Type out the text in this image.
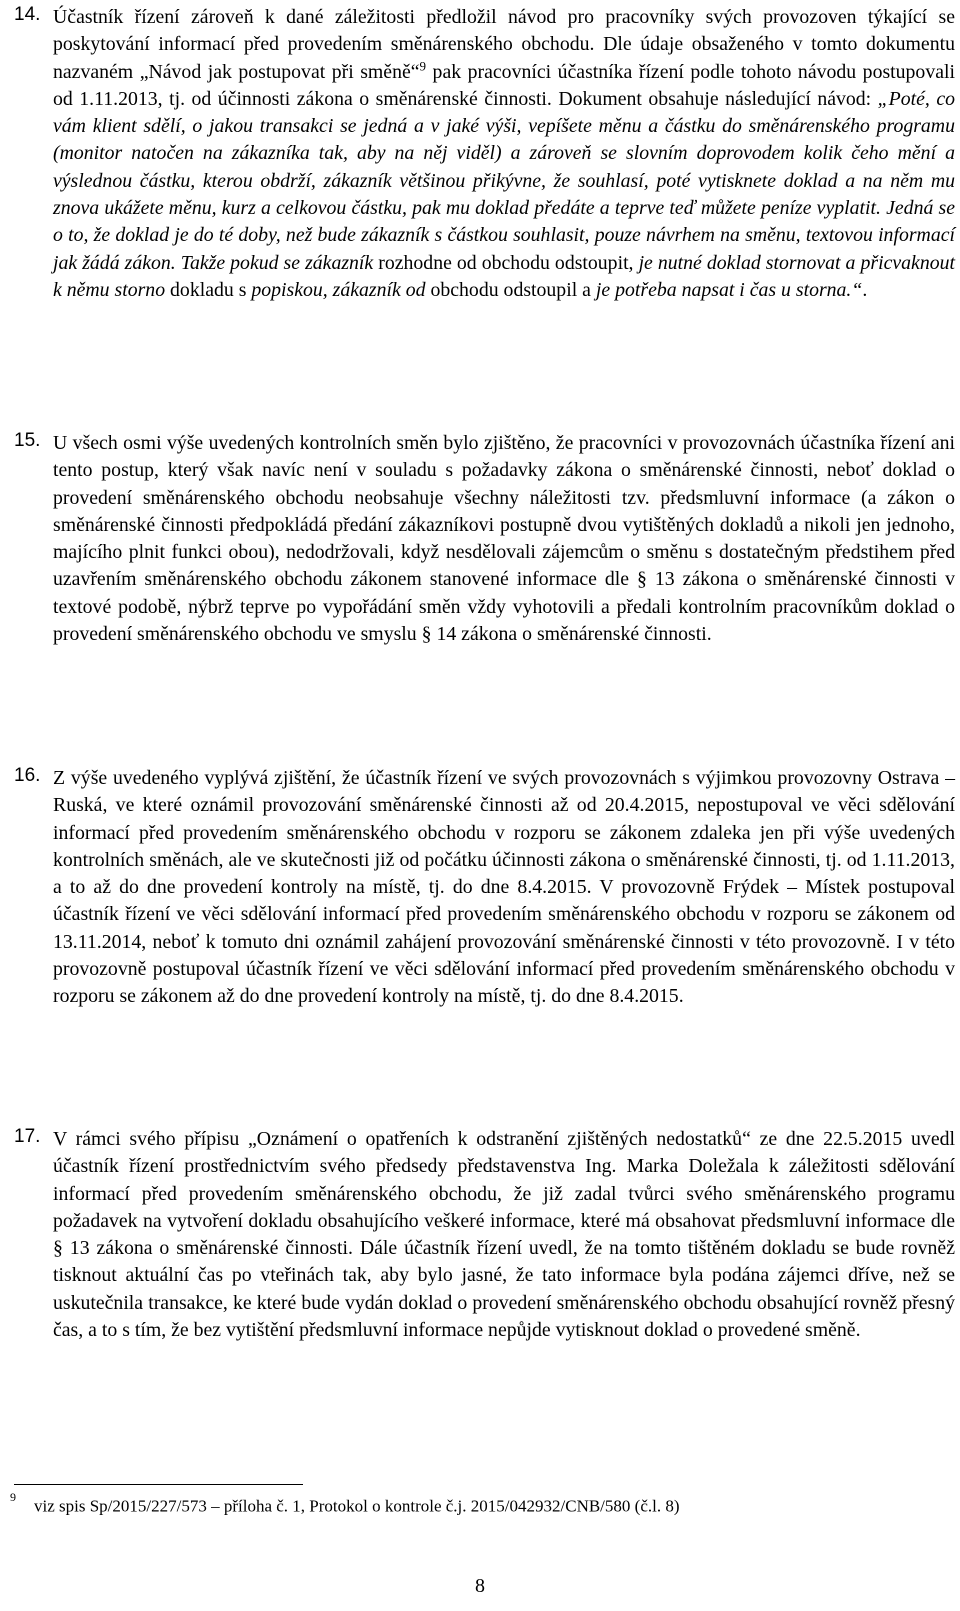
14. Účastník řízení zároveň k dané záležitosti předložil návod pro pracovníky svých provozoven týkající se poskytování informací před provedením směnárenského obchodu. Dle údaje obsaženého v tomto dokumentu nazvaném „Návod jak postupovat při směně“$^9$ pak pracovníci účastníka řízení podle tohoto návodu postupovali od 1.11.2013, tj. od účinnosti zákona o směnárenské činnosti. Dokument obsahuje následující návod: „Poté, co vám klient sdělí, o jakou transakci se jedná a v jaké výši, vepíšete měnu a částku do směnárenského programu (monitor natočen na zákazníka tak, aby na něj viděl) a zároveň se slovním doprovodem kolik čeho mění a výslednou částku, kterou obdrží, zákazník většinou přikývne, že souhlasí, poté vytisknete doklad a na něm mu znova ukážete měnu, kurz a celkovou částku, pak mu doklad předáte a teprve teď můžete peníze vyplatit. Jedná se o to, že doklad je do té doby, než bude zákazník s částkou souhlasit, pouze návrhem na směnu, textovou informací jak žádá zákon. Takže pokud se zákazník rozhodne od obchodu odstoupit, je nutné doklad stornovat a přicvaknout k němu storno dokladu s popiskou, zákazník od obchodu odstoupil a je potřeba napsat i čas u storna.“.
15. U všech osmi výše uvedených kontrolních směn bylo zjištěno, že pracovníci v provozovnách účastníka řízení ani tento postup, který však navíc není v souladu s požadavky zákona o směnárenské činnosti, neboť doklad o provedení směnárenského obchodu neobsahuje všechny náležitosti tzv. předsmluvní informace (a zákon o směnárenské činnosti předpokládá předání zákazníkovi postupně dvou vytištěných dokladů a nikoli jen jednoho, majícího plnit funkci obou), nedodržovali, když nesdělovali zájemcům o směnu s dostatečným předstihem před uzavřením směnárenského obchodu zákonem stanovené informace dle § 13 zákona o směnárenské činnosti v textové podobě, nýbrž teprve po vypořádání směn vždy vyhotovili a předali kontrolním pracovníkům doklad o provedení směnárenského obchodu ve smyslu § 14 zákona o směnárenské činnosti.
16. Z výše uvedeného vyplývá zjištění, že účastník řízení ve svých provozovnách s výjimkou provozovny Ostrava – Ruská, ve které oznámil provozování směnárenské činnosti až od 20.4.2015, nepostupoval ve věci sdělování informací před provedením směnárenského obchodu v rozporu se zákonem zdaleka jen při výše uvedených kontrolních směnách, ale ve skutečnosti již od počátku účinnosti zákona o směnárenské činnosti, tj. od 1.11.2013, a to až do dne provedení kontroly na místě, tj. do dne 8.4.2015. V provozovně Frýdek – Místek postupoval účastník řízení ve věci sdělování informací před provedením směnárenského obchodu v rozporu se zákonem od 13.11.2014, neboť k tomuto dni oznámil zahájení provozování směnárenské činnosti v této provozovně. I v této provozovně postupoval účastník řízení ve věci sdělování informací před provedením směnárenského obchodu v rozporu se zákonem až do dne provedení kontroly na místě, tj. do dne 8.4.2015.
17. V rámci svého přípisu „Oznámení o opatřeních k odstranění zjištěných nedostatků“ ze dne 22.5.2015 uvedl účastník řízení prostřednictvím svého předsedy představenstva Ing. Marka Doležala k záležitosti sdělování informací před provedením směnárenského obchodu, že již zadal tvůrci svého směnárenského programu požadavek na vytvoření dokladu obsahujícího veškeré informace, které má obsahovat předsmluvní informace dle § 13 zákona o směnárenské činnosti. Dále účastník řízení uvedl, že na tomto tištěném dokladu se bude rovněž tisknout aktuální čas po vteřinách tak, aby bylo jasné, že tato informace byla podána zájemci dříve, než se uskutečnila transakce, ke které bude vydán doklad o provedení směnárenského obchodu obsahující rovněž přesný čas, a to s tím, že bez vytištění předsmluvní informace nepůjde vytisknout doklad o provedené směně.
$^9$ viz spis Sp/2015/227/573 – příloha č. 1, Protokol o kontrole č.j. 2015/042932/CNB/580 (č.l. 8)
8
